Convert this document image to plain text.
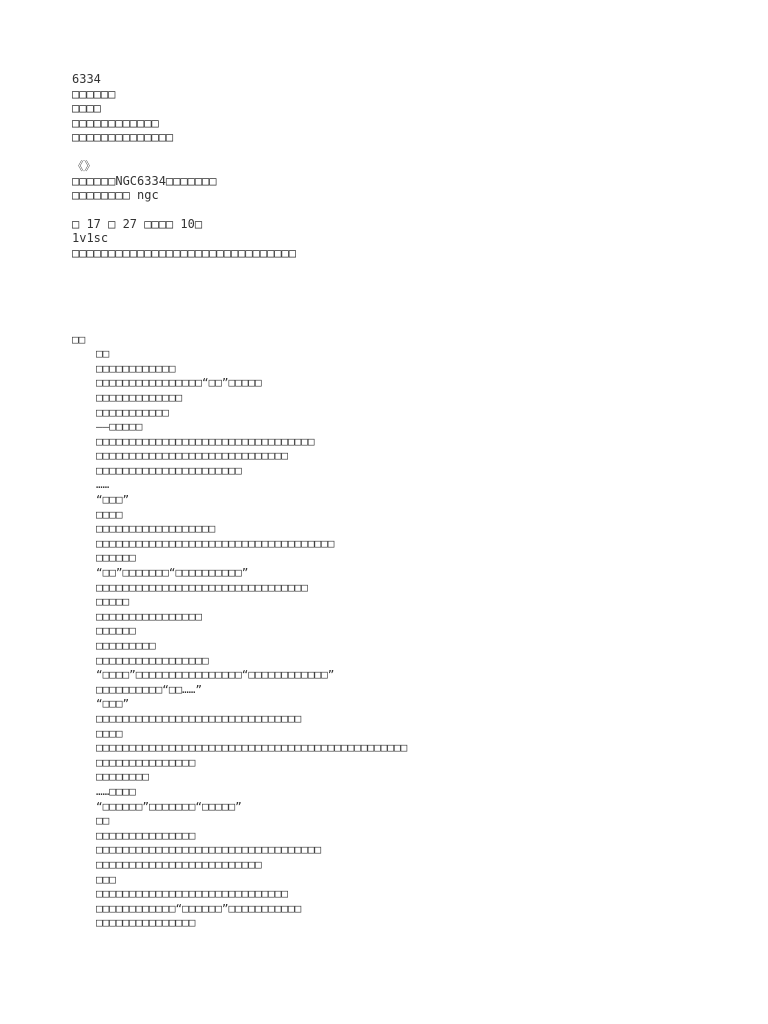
6334
□□□□□□
□□□□
□□□□□□□□□□□□
□□□□□□□□□□□□□□
《》
□□□□□□NGC6334□□□□□□□
□□□□□□□□ ngc
□ 17 □ 27 □□□□ 10□
1v1sc
□□□□□□□□□□□□□□□□□□□□□□□□□□□□□□□
□□
□□
□□□□□□□□□□□□
□□□□□□□□□□□□□□□□“□□”□□□□□
□□□□□□□□□□□□□
□□□□□□□□□□□
——□□□□□
□□□□□□□□□□□□□□□□□□□□□□□□□□□□□□□□□
□□□□□□□□□□□□□□□□□□□□□□□□□□□□□
□□□□□□□□□□□□□□□□□□□□□□
……
“□□□”
□□□□
□□□□□□□□□□□□□□□□□□
□□□□□□□□□□□□□□□□□□□□□□□□□□□□□□□□□□□□
□□□□□□
“□□”□□□□□□□“□□□□□□□□□□”
□□□□□□□□□□□□□□□□□□□□□□□□□□□□□□□□
□□□□□
□□□□□□□□□□□□□□□□
□□□□□□
□□□□□□□□□
□□□□□□□□□□□□□□□□□
“□□□□”□□□□□□□□□□□□□□□□“□□□□□□□□□□□□”
□□□□□□□□□□“□□……”
“□□□”
□□□□□□□□□□□□□□□□□□□□□□□□□□□□□□□
□□□□
□□□□□□□□□□□□□□□□□□□□□□□□□□□□□□□□□□□□□□□□□□□□□□□
□□□□□□□□□□□□□□□
□□□□□□□□
……□□□□
“□□□□□□”□□□□□□□“□□□□□”
□□
□□□□□□□□□□□□□□□
□□□□□□□□□□□□□□□□□□□□□□□□□□□□□□□□□□
□□□□□□□□□□□□□□□□□□□□□□□□□
□□□
□□□□□□□□□□□□□□□□□□□□□□□□□□□□□
□□□□□□□□□□□□“□□□□□□”□□□□□□□□□□□
□□□□□□□□□□□□□□□
